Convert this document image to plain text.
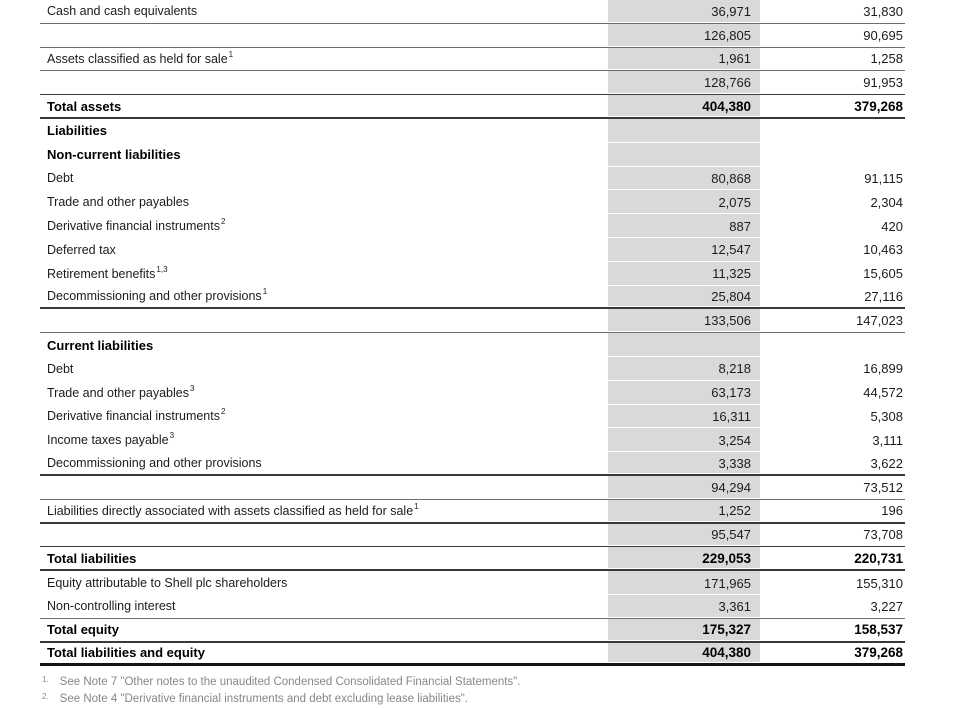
Cash and cash equivalents	36,971	31,830
126,805	90,695
Assets classified as held for sale$^1$	1,961	1,258
128,766	91,953
Total assets	404,380	379,268
Liabilities
Non-current liabilities
Debt	80,868	91,115
Trade and other payables	2,075	2,304
Derivative financial instruments$^2$	887	420
Deferred tax	12,547	10,463
Retirement benefits$^{1,3}$	11,325	15,605
Decommissioning and other provisions$^1$	25,804	27,116
133,506	147,023
Current liabilities
Debt	8,218	16,899
Trade and other payables$^3$	63,173	44,572
Derivative financial instruments$^2$	16,311	5,308
Income taxes payable$^3$	3,254	3,111
Decommissioning and other provisions	3,338	3,622
94,294	73,512
Liabilities directly associated with assets classified as held for sale$^1$	1,252	196
95,547	73,708
Total liabilities	229,053	220,731
Equity attributable to Shell plc shareholders	171,965	155,310
Non-controlling interest	3,361	3,227
Total equity	175,327	158,537
Total liabilities and equity	404,380	379,268
1. See Note 7 "Other notes to the unaudited Condensed Consolidated Financial Statements".
2. See Note 4 "Derivative financial instruments and debt excluding lease liabilities".
